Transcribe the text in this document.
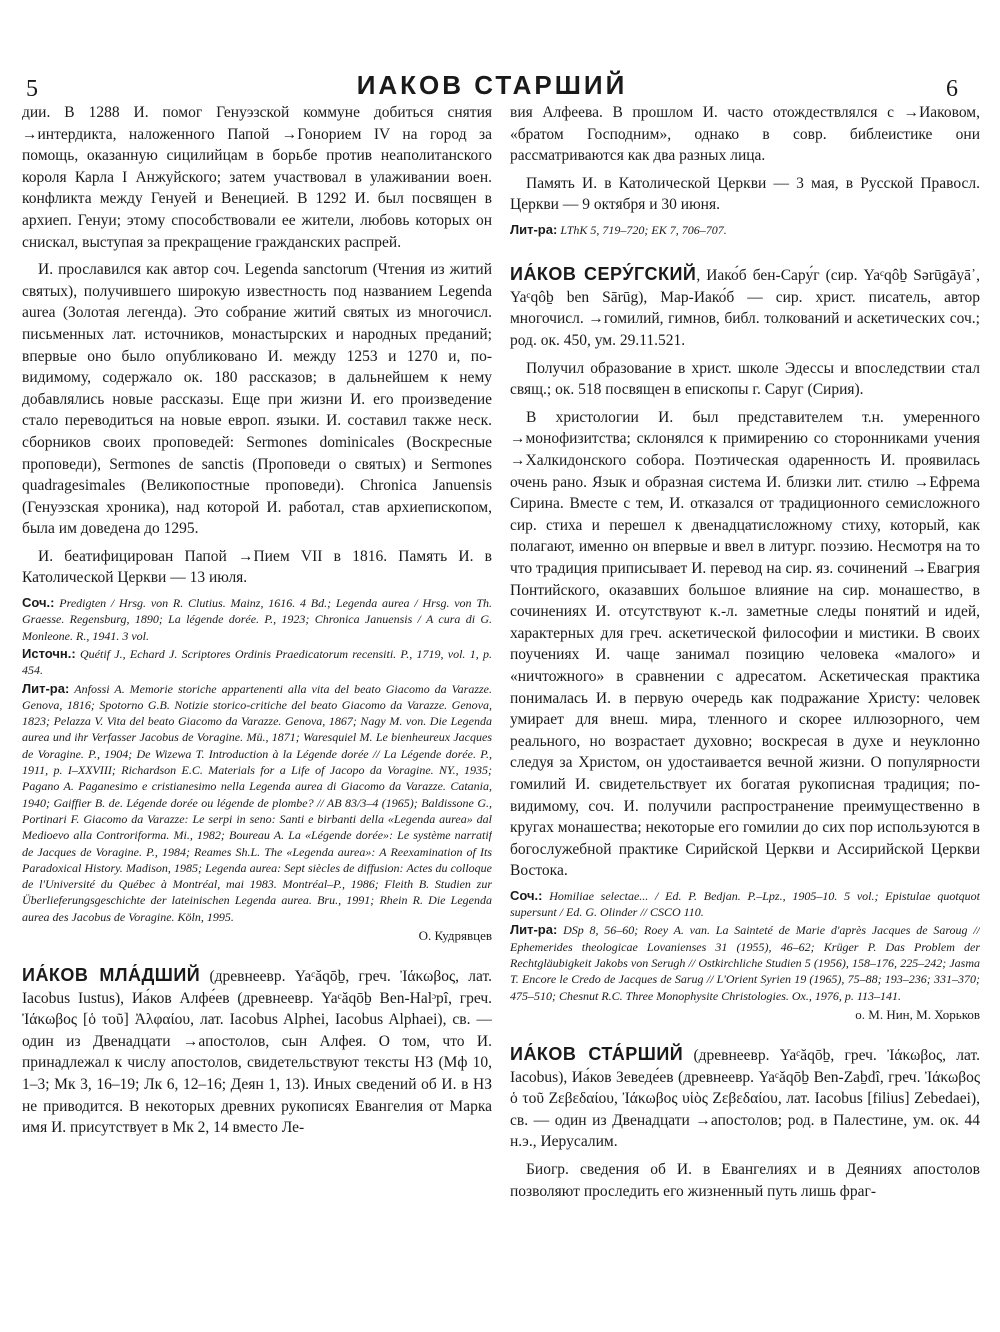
5	ИАКОВ СТАРШИЙ	6

дии. В 1288 И. помог Генуэзской коммуне добиться снятия →интердикта, наложенного Папой →Гонорием IV на город за помощь, оказанную сицилийцам в борьбе против неаполитанского короля Карла I Анжуйского; затем участвовал в улаживании воен. конфликта между Генуей и Венецией. В 1292 И. был посвящен в архиеп. Генуи; этому способствовали ее жители, любовь которых он снискал, выступая за прекращение гражданских распрей.

И. прославился как автор соч. Legenda sanctorum (Чтения из житий святых), получившего широкую известность под названием Legenda aurea (Золотая легенда). Это собрание житий святых из многочисл. письменных лат. источников, монастырских и народных преданий; впервые оно было опубликовано И. между 1253 и 1270 и, по-видимому, содержало ок. 180 рассказов; в дальнейшем к нему добавлялись новые рассказы. Еще при жизни И. его произведение стало переводиться на новые европ. языки. И. составил также неск. сборников своих проповедей: Sermones dominicales (Воскресные проповеди), Sermones de sanctis (Проповеди о святых) и Sermones quadragesimales (Великопостные проповеди). Chronica Januensis (Генуэзская хроника), над которой И. работал, став архиепископом, была им доведена до 1295.

И. беатифицирован Папой →Пием VII в 1816. Память И. в Католической Церкви — 13 июля.

Соч.: Predigten / Hrsg. von R. Clutius. Mainz, 1616. 4 Bd.; Legenda aurea / Hrsg. von Th. Graesse. Regensburg, 1890; La légende dorée. P., 1923; Chronica Januensis / A cura di G. Monleone. R., 1941. 3 vol.

Источн.: Quétif J., Echard J. Scriptores Ordinis Praedicatorum recensiti. P., 1719, vol. 1, p. 454.

Лит-ра: Anfossi A. Memorie storiche appartenenti alla vita del beato Giacomo da Varazze. Genova, 1816; Spotorno G.B. Notizie storico-critiche del beato Giacomo da Varazze. Genova, 1823; Pelazza V. Vita del beato Giacomo da Varazze. Genova, 1867; Nagy M. von. Die Legenda aurea und ihr Verfasser Jacobus de Voragine. Mü., 1871; Waresquiel M. Le bienheureux Jacques de Voragine. P., 1904; De Wizewa T. Introduction à la Légende dorée // La Légende dorée. P., 1911, p. I–XXVIII; Richardson E.C. Materials for a Life of Jacopo da Voragine. NY., 1935; Pagano A. Paganesimo e cristianesimo nella Legenda aurea di Giacomo da Varazze. Catania, 1940; Gaiffier B. de. Légende dorée ou légende de plombe? // AB 83/3–4 (1965); Baldissone G., Portinari F. Giacomo da Varazze: Le serpi in seno: Santi e birbanti della «Legenda aurea» dal Medioevo alla Controriforma. Mi., 1982; Boureau A. La «Légende dorée»: Le système narratif de Jacques de Voragine. P., 1984; Reames Sh.L. The «Legenda aurea»: A Reexamination of Its Paradoxical History. Madison, 1985; Legenda aurea: Sept siècles de diffusion: Actes du colloque de l'Université du Québec à Montréal, mai 1983. Montréal–P., 1986; Fleith B. Studien zur Überlieferungsgeschichte der lateinischen Legenda aurea. Bru., 1991; Rhein R. Die Legenda aurea des Jacobus de Voragine. Köln, 1995.

О. Кудрявцев

ИА́КОВ МЛА́ДШИЙ (древнеевр. Yaᶜăqōḇ, греч. Ἰάκωβος, лат. Iacobus Iustus), Иа́ков Алфе́ев (древнеевр. Yaᶜăqōḇ Ben-Halᵓpî, греч. Ἰάκωβος [ὁ τοῦ] Ἀλφαίου, лат. Iacobus Alphei, Iacobus Alphaei), св. — один из Двенадцати →апостолов, сын Алфея. О том, что И. принадлежал к числу апостолов, свидетельствуют тексты НЗ (Мф 10, 1–3; Мк 3, 16–19; Лк 6, 12–16; Деян 1, 13). Иных сведений об И. в НЗ не приводится. В некоторых древних рукописях Евангелия от Марка имя И. присутствует в Мк 2, 14 вместо Ле-

вия Алфеева. В прошлом И. часто отождествлялся с →Иаковом, «братом Господним», однако в совр. библеистике они рассматриваются как два разных лица.

Память И. в Католической Церкви — 3 мая, в Русской Правосл. Церкви — 9 октября и 30 июня.

Лит-ра: LThK 5, 719–720; EK 7, 706–707.

ИА́КОВ СЕРУ́ГСКИЙ, Иако́б бен-Сару́г (сир. Yaᶜqôḇ Sərūgāyā᾿, Yaᶜqôḇ ben Sārūg), Мар-Иако́б — сир. христ. писатель, автор многочисл. →гомилий, гимнов, библ. толкований и аскетических соч.; род. ок. 450, ум. 29.11.521.

Получил образование в христ. школе Эдессы и впоследствии стал свящ.; ок. 518 посвящен в епископы г. Саруг (Сирия).

В христологии И. был представителем т.н. умеренного →монофизитства; склонялся к примирению со сторонниками учения →Халкидонского собора. Поэтическая одаренность И. проявилась очень рано. Язык и образная система И. близки лит. стилю →Ефрема Сирина. Вместе с тем, И. отказался от традиционного семисложного сир. стиха и перешел к двенадцатисложному стиху, который, как полагают, именно он впервые и ввел в литург. поэзию. Несмотря на то что традиция приписывает И. перевод на сир. яз. сочинений →Евагрия Понтийского, оказавших большое влияние на сир. монашество, в сочинениях И. отсутствуют к.-л. заметные следы понятий и идей, характерных для греч. аскетической философии и мистики. В своих поучениях И. чаще занимал позицию человека «малого» и «ничтожного» в сравнении с адресатом. Аскетическая практика понималась И. в первую очередь как подражание Христу: человек умирает для внеш. мира, тленного и скорее иллюзорного, чем реального, но возрастает духовно; воскресая в духе и неуклонно следуя за Христом, он удостаивается вечной жизни. О популярности гомилий И. свидетельствует их богатая рукописная традиция; по-видимому, соч. И. получили распространение преимущественно в кругах монашества; некоторые его гомилии до сих пор используются в богослужебной практике Сирийской Церкви и Ассирийской Церкви Востока.

Соч.: Homiliae selectae... / Ed. P. Bedjan. P.–Lpz., 1905–10. 5 vol.; Epistulae quotquot supersunt / Ed. G. Olinder // CSCO 110.

Лит-ра: DSp 8, 56–60; Roey A. van. La Sainteté de Marie d'après Jacques de Saroug // Ephemerides theologicae Lovanienses 31 (1955), 46–62; Krüger P. Das Problem der Rechtgläubigkeit Jakobs von Serugh // Ostkirchliche Studien 5 (1956), 158–176, 225–242; Jasma T. Encore le Credo de Jacques de Sarug // L'Orient Syrien 19 (1965), 75–88; 193–236; 331–370; 475–510; Chesnut R.C. Three Monophysite Christologies. Ox., 1976, p. 113–141.

о. М. Нин, М. Хорьков

ИА́КОВ СТА́РШИЙ (древнеевр. Yaᶜăqōḇ, греч. Ἰάκωβος, лат. Iacobus), Иа́ков Зеведе́ев (древнеевр. Yaᶜăqōḇ Ben-Zaḇdî, греч. Ἰάκωβος ὁ τοῦ Ζεβεδαίου, Ἰάκωβος υἱὸς Ζεβεδαίου, лат. Iacobus [filius] Zebedaei), св. — один из Двенадцати →апостолов; род. в Палестине, ум. ок. 44 н.э., Иерусалим.

Биогр. сведения об И. в Евангелиях и в Деяниях апостолов позволяют проследить его жизненный путь лишь фраг-
